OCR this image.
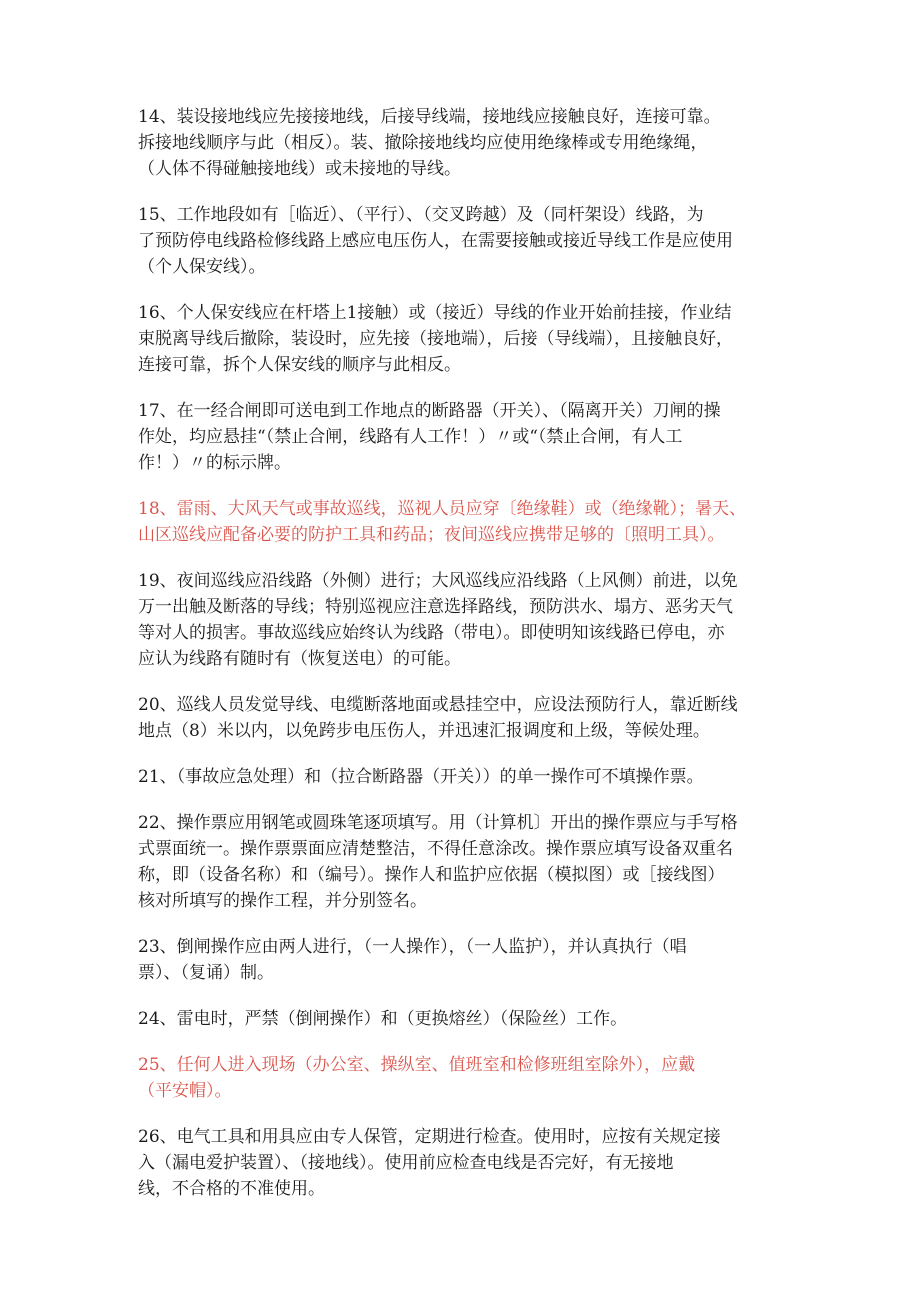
14、装设接地线应先接接地线，后接导线端，接地线应接触良好，连接可靠。
拆接地线顺序与此（相反）。装、撤除接地线均应使用绝缘棒或专用绝缘绳，
（人体不得碰触接地线）或未接地的导线。
15、工作地段如有［临近）、（平行）、（交叉跨越）及（同杆架设）线路，为
了预防停电线路检修线路上感应电压伤人，在需要接触或接近导线工作是应使用
（个人保安线）。
16、个人保安线应在杆塔上1接触）或（接近）导线的作业开始前挂接，作业结
束脱离导线后撤除，装设时，应先接（接地端），后接（导线端），且接触良好，
连接可靠，拆个人保安线的顺序与此相反。
17、在一经合闸即可送电到工作地点的断路器（开关）、（隔离开关）刀闸的操
作处，均应悬挂“（禁止合闸，线路有人工作！）〃或“（禁止合闸，有人工
作！）〃的标示牌。
18、雷雨、大风天气或事故巡线，巡视人员应穿〔绝缘鞋）或（绝缘靴）；暑天、
山区巡线应配备必要的防护工具和药品；夜间巡线应携带足够的〔照明工具）。
19、夜间巡线应沿线路（外侧）进行；大风巡线应沿线路（上风侧）前进，以免
万一出触及断落的导线；特别巡视应注意选择路线，预防洪水、塌方、恶劣天气
等对人的损害。事故巡线应始终认为线路（带电）。即使明知该线路已停电，亦
应认为线路有随时有（恢复送电）的可能。
20、巡线人员发觉导线、电缆断落地面或悬挂空中，应设法预防行人，靠近断线
地点（8）米以内，以免跨步电压伤人，并迅速汇报调度和上级，等候处理。
21、（事故应急处理）和（拉合断路器（开关））的单一操作可不填操作票。
22、操作票应用钢笔或圆珠笔逐项填写。用（计算机〕开出的操作票应与手写格
式票面统一。操作票票面应清楚整洁，不得任意涂改。操作票应填写设备双重名
称，即（设备名称）和（编号）。操作人和监护应依据（模拟图）或［接线图）
核对所填写的操作工程，并分别签名。
23、倒闸操作应由两人进行，（一人操作），（一人监护），并认真执行（唱
票）、（复诵）制。
24、雷电时，严禁（倒闸操作）和（更换熔丝）（保险丝）工作。
25、任何人进入现场（办公室、操纵室、值班室和检修班组室除外），应戴
（平安帽）。
26、电气工具和用具应由专人保管，定期进行检查。使用时，应按有关规定接
入（漏电爱护装置）、（接地线）。使用前应检查电线是否完好，有无接地
线，不合格的不准使用。
